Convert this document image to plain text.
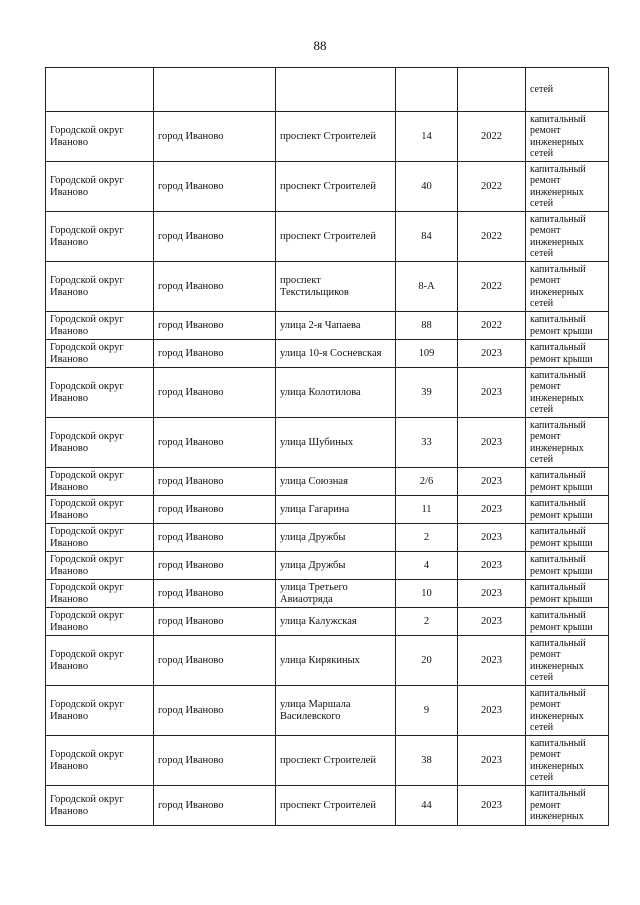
88
					сетей
Городской округ Иваново	город Иваново	проспект Строителей	14	2022	капитальный ремонт инженерных сетей
Городской округ Иваново	город Иваново	проспект Строителей	40	2022	капитальный ремонт инженерных сетей
Городской округ Иваново	город Иваново	проспект Строителей	84	2022	капитальный ремонт инженерных сетей
Городской округ Иваново	город Иваново	проспект Текстильщиков	8-А	2022	капитальный ремонт инженерных сетей
Городской округ Иваново	город Иваново	улица 2-я Чапаева	88	2022	капитальный ремонт крыши
Городской округ Иваново	город Иваново	улица 10-я Сосневская	109	2023	капитальный ремонт крыши
Городской округ Иваново	город Иваново	улица Колотилова	39	2023	капитальный ремонт инженерных сетей
Городской округ Иваново	город Иваново	улица Шубиных	33	2023	капитальный ремонт инженерных сетей
Городской округ Иваново	город Иваново	улица Союзная	2/6	2023	капитальный ремонт крыши
Городской округ Иваново	город Иваново	улица Гагарина	11	2023	капитальный ремонт крыши
Городской округ Иваново	город Иваново	улица Дружбы	2	2023	капитальный ремонт крыши
Городской округ Иваново	город Иваново	улица Дружбы	4	2023	капитальный ремонт крыши
Городской округ Иваново	город Иваново	улица Третьего Авиаотряда	10	2023	капитальный ремонт крыши
Городской округ Иваново	город Иваново	улица Калужская	2	2023	капитальный ремонт крыши
Городской округ Иваново	город Иваново	улица Кирякиных	20	2023	капитальный ремонт инженерных сетей
Городской округ Иваново	город Иваново	улица Маршала Василевского	9	2023	капитальный ремонт инженерных сетей
Городской округ Иваново	город Иваново	проспект Строителей	38	2023	капитальный ремонт инженерных сетей
Городской округ Иваново	город Иваново	проспект Строителей	44	2023	капитальный ремонт инженерных
